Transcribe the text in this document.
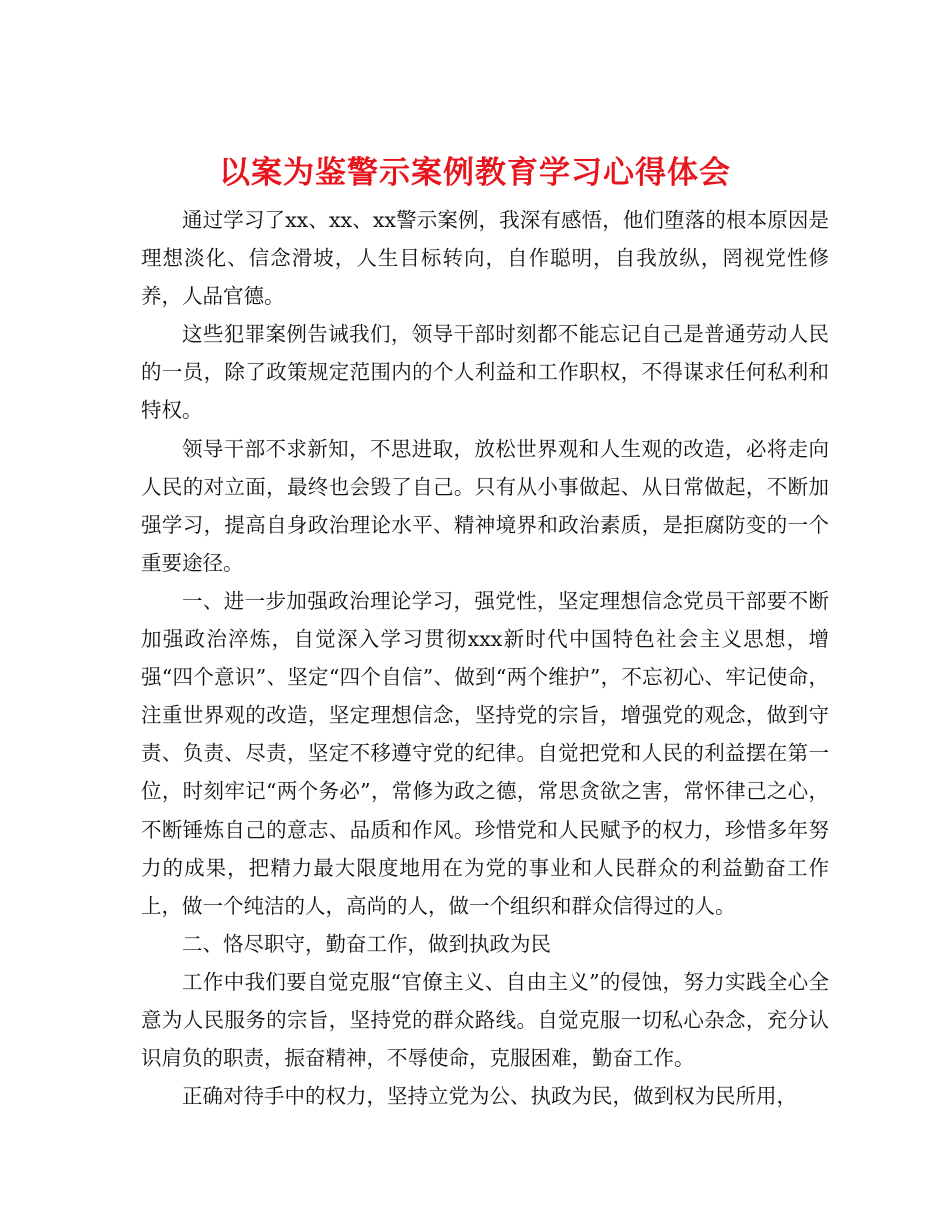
以案为鉴警示案例教育学习心得体会

通过学习了xx、xx、xx警示案例，我深有感悟，他们堕落的根本原因是理想淡化、信念滑坡，人生目标转向，自作聪明，自我放纵，罔视党性修养，人品官德。

这些犯罪案例告诫我们，领导干部时刻都不能忘记自己是普通劳动人民的一员，除了政策规定范围内的个人利益和工作职权，不得谋求任何私利和特权。

领导干部不求新知，不思进取，放松世界观和人生观的改造，必将走向人民的对立面，最终也会毁了自己。只有从小事做起、从日常做起，不断加强学习，提高自身政治理论水平、精神境界和政治素质，是拒腐防变的一个重要途径。

一、进一步加强政治理论学习，强党性，坚定理想信念党员干部要不断加强政治淬炼，自觉深入学习贯彻xxx新时代中国特色社会主义思想，增强“四个意识”、坚定“四个自信”、做到“两个维护”，不忘初心、牢记使命，注重世界观的改造，坚定理想信念，坚持党的宗旨，增强党的观念，做到守责、负责、尽责，坚定不移遵守党的纪律。自觉把党和人民的利益摆在第一位，时刻牢记“两个务必”，常修为政之德，常思贪欲之害，常怀律己之心，不断锤炼自己的意志、品质和作风。珍惜党和人民赋予的权力，珍惜多年努力的成果，把精力最大限度地用在为党的事业和人民群众的利益勤奋工作上，做一个纯洁的人，高尚的人，做一个组织和群众信得过的人。

二、恪尽职守，勤奋工作，做到执政为民

工作中我们要自觉克服“官僚主义、自由主义”的侵蚀，努力实践全心全意为人民服务的宗旨，坚持党的群众路线。自觉克服一切私心杂念，充分认识肩负的职责，振奋精神，不辱使命，克服困难，勤奋工作。

正确对待手中的权力，坚持立党为公、执政为民，做到权为民所用，
